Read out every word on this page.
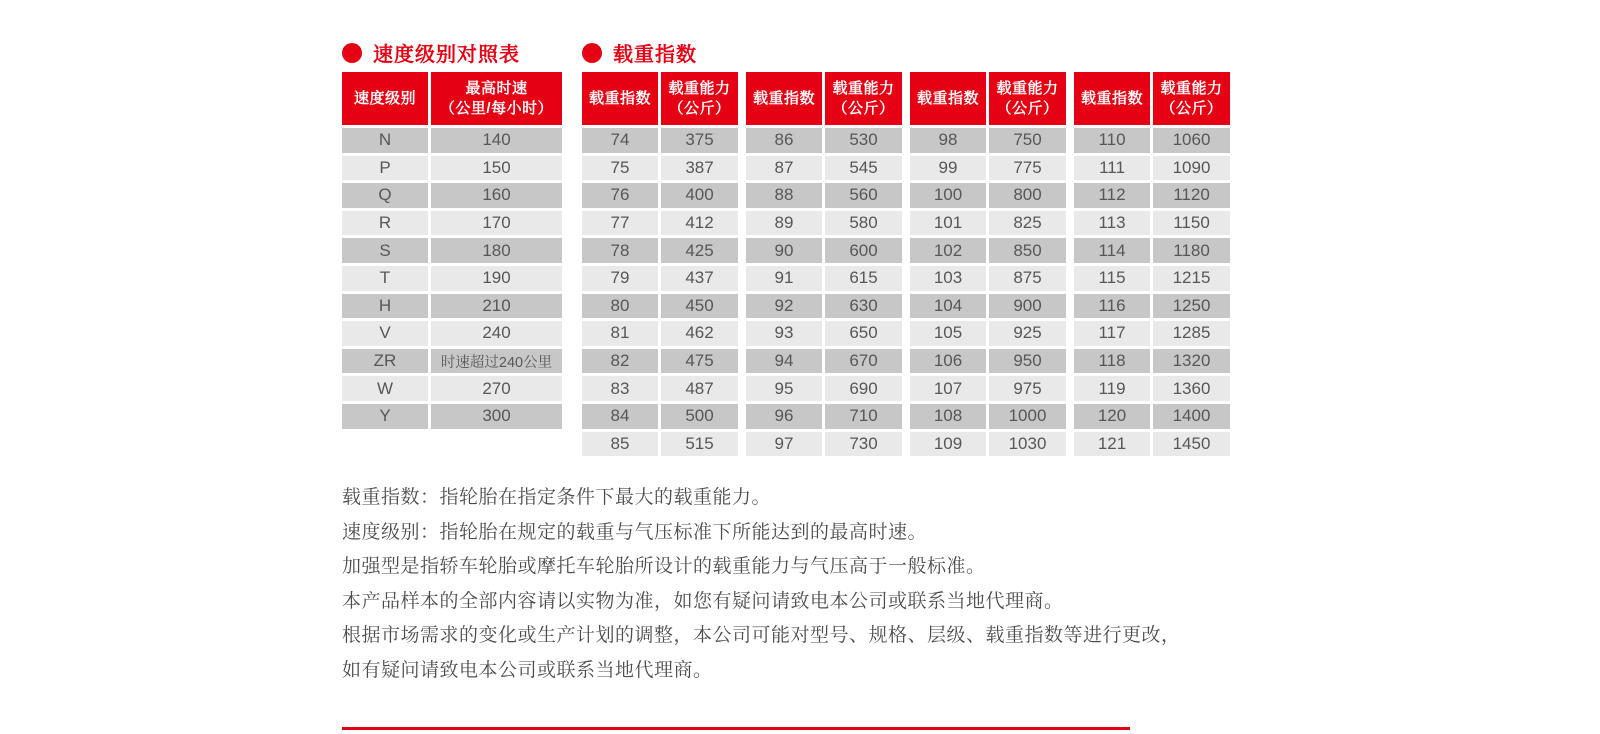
速度级别对照表	载重指数
速度级别
最高时速
（公里/每小时）
N	140
P	150
Q	160
R	170
S	180
T	190
H	210
V	240
ZR	时速超过240公里
W	270
Y	300
载重指数
载重能力
（公斤）
74	375
75	387
76	400
77	412
78	425
79	437
80	450
81	462
82	475
83	487
84	500
85	515
载重指数
载重能力
（公斤）
86	530
87	545
88	560
89	580
90	600
91	615
92	630
93	650
94	670
95	690
96	710
97	730
载重指数
载重能力
（公斤）
98	750
99	775
100	800
101	825
102	850
103	875
104	900
105	925
106	950
107	975
108	1000
109	1030
载重指数
载重能力
（公斤）
110	1060
111	1090
112	1120
113	1150
114	1180
115	1215
116	1250
117	1285
118	1320
119	1360
120	1400
121	1450
载重指数：指轮胎在指定条件下最大的载重能力。
速度级别：指轮胎在规定的载重与气压标准下所能达到的最高时速。
加强型是指轿车轮胎或摩托车轮胎所设计的载重能力与气压高于一般标准。
本产品样本的全部内容请以实物为准，如您有疑问请致电本公司或联系当地代理商。
根据市场需求的变化或生产计划的调整，本公司可能对型号、规格、层级、载重指数等进行更改，
如有疑问请致电本公司或联系当地代理商。
